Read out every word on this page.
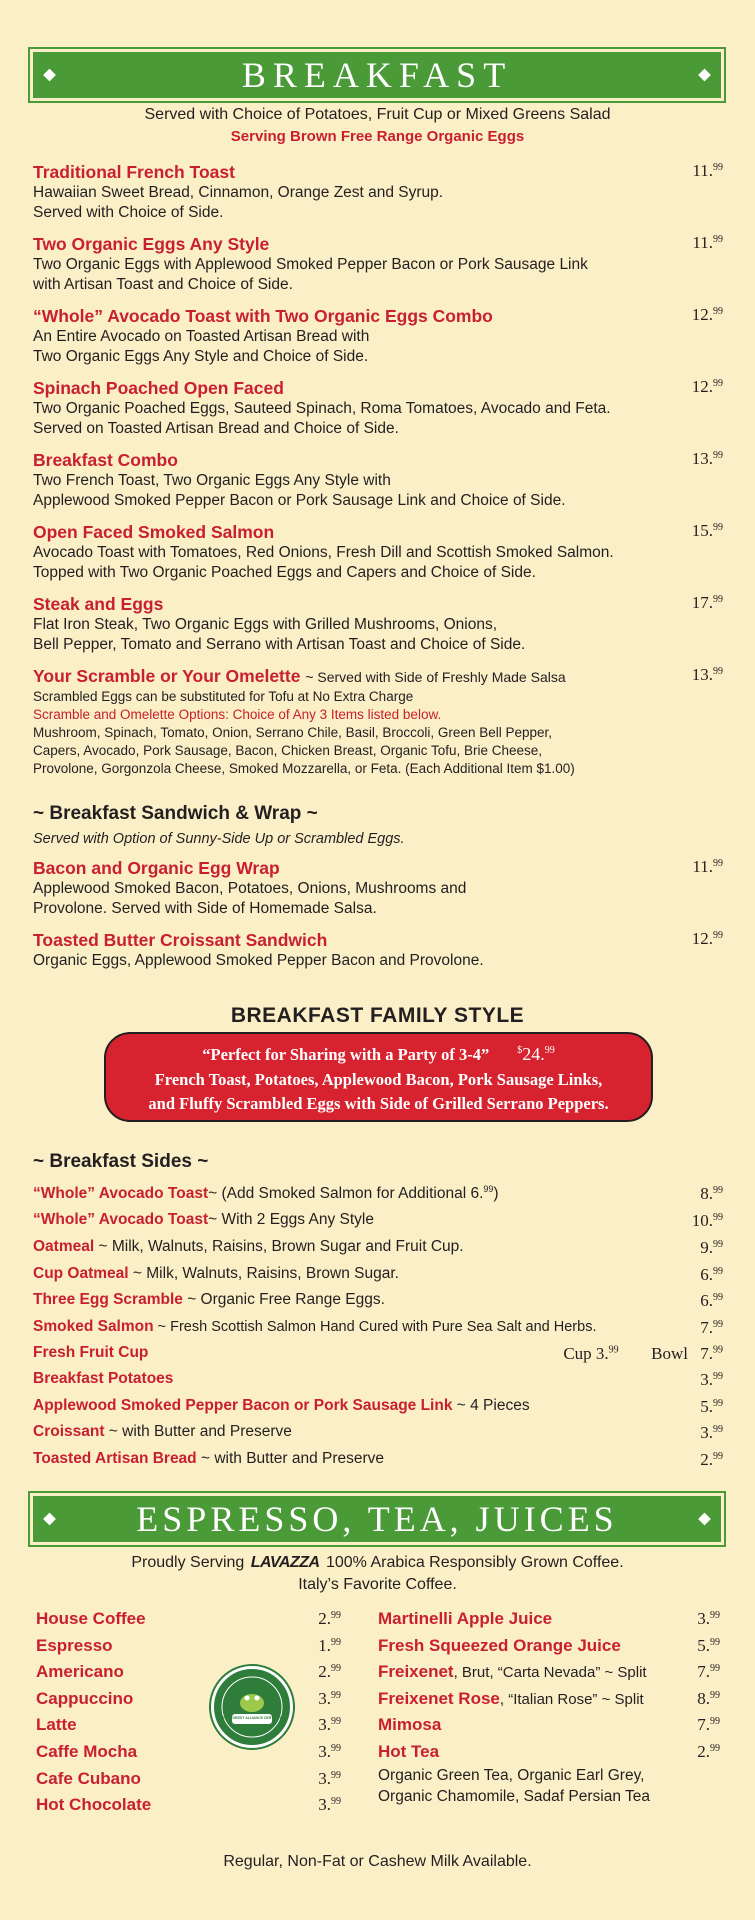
BREAKFAST
Served with Choice of Potatoes, Fruit Cup or Mixed Greens Salad
Serving Brown Free Range Organic Eggs
Traditional French Toast
Hawaiian Sweet Bread, Cinnamon, Orange Zest and Syrup.
Served with Choice of Side.
11.99
Two Organic Eggs Any Style
Two Organic Eggs with Applewood Smoked Pepper Bacon or Pork Sausage Link
with Artisan Toast and Choice of Side.
11.99
“Whole” Avocado Toast with Two Organic Eggs Combo
An Entire Avocado on Toasted Artisan Bread with
Two Organic Eggs Any Style and Choice of Side.
12.99
Spinach Poached Open Faced
Two Organic Poached Eggs, Sauteed Spinach, Roma Tomatoes, Avocado and Feta.
Served on Toasted Artisan Bread and Choice of Side.
12.99
Breakfast Combo
Two French Toast, Two Organic Eggs Any Style with
Applewood Smoked Pepper Bacon or Pork Sausage Link and Choice of Side.
13.99
Open Faced Smoked Salmon
Avocado Toast with Tomatoes, Red Onions, Fresh Dill and Scottish Smoked Salmon.
Topped with Two Organic Poached Eggs and Capers and Choice of Side.
15.99
Steak and Eggs
Flat Iron Steak, Two Organic Eggs with Grilled Mushrooms, Onions,
Bell Pepper, Tomato and Serrano with Artisan Toast and Choice of Side.
17.99
Your Scramble or Your Omelette ~ Served with Side of Freshly Made Salsa
Scrambled Eggs can be substituted for Tofu at No Extra Charge
Scramble and Omelette Options: Choice of Any 3 Items listed below.
Mushroom, Spinach, Tomato, Onion, Serrano Chile, Basil, Broccoli, Green Bell Pepper,
Capers, Avocado, Pork Sausage, Bacon, Chicken Breast, Organic Tofu, Brie Cheese,
Provolone, Gorgonzola Cheese, Smoked Mozzarella, or Feta. (Each Additional Item $1.00)
13.99
~ Breakfast Sandwich & Wrap ~
Served with Option of Sunny-Side Up or Scrambled Eggs.
Bacon and Organic Egg Wrap
Applewood Smoked Bacon, Potatoes, Onions, Mushrooms and
Provolone. Served with Side of Homemade Salsa.
11.99
Toasted Butter Croissant Sandwich
Organic Eggs, Applewood Smoked Pepper Bacon and Provolone.
12.99
BREAKFAST FAMILY STYLE
“Perfect for Sharing with a Party of 3-4”	$24.99
French Toast, Potatoes, Applewood Bacon, Pork Sausage Links,
and Fluffy Scrambled Eggs with Side of Grilled Serrano Peppers.
~ Breakfast Sides ~
“Whole” Avocado Toast~ (Add Smoked Salmon for Additional 6.99)	8.99
“Whole” Avocado Toast~ With 2 Eggs Any Style	10.99
Oatmeal ~ Milk, Walnuts, Raisins, Brown Sugar and Fruit Cup.	9.99
Cup Oatmeal ~ Milk, Walnuts, Raisins, Brown Sugar.	6.99
Three Egg Scramble ~ Organic Free Range Eggs.	6.99
Smoked Salmon ~ Fresh Scottish Salmon Hand Cured with Pure Sea Salt and Herbs.	7.99
Fresh Fruit Cup	Cup 3.99 Bowl 7.99
Breakfast Potatoes	3.99
Applewood Smoked Pepper Bacon or Pork Sausage Link ~ 4 Pieces	5.99
Croissant ~ with Butter and Preserve	3.99
Toasted Artisan Bread ~ with Butter and Preserve	2.99
ESPRESSO, TEA, JUICES
Proudly Serving LAVAZZA 100% Arabica Responsibly Grown Coffee.
Italy’s Favorite Coffee.
House Coffee	2.99
Espresso	1.99
Americano	2.99
Cappuccino	3.99
Latte	3.99
Caffe Mocha	3.99
Cafe Cubano	3.99
Hot Chocolate	3.99
RAINFOREST ALLIANCE CERTIFIED
Martinelli Apple Juice	3.99
Fresh Squeezed Orange Juice	5.99
Freixenet, Brut, “Carta Nevada” ~ Split	7.99
Freixenet Rose, “Italian Rose” ~ Split	8.99
Mimosa	7.99
Hot Tea	2.99
Organic Green Tea, Organic Earl Grey,
Organic Chamomile, Sadaf Persian Tea
Regular, Non-Fat or Cashew Milk Available.
